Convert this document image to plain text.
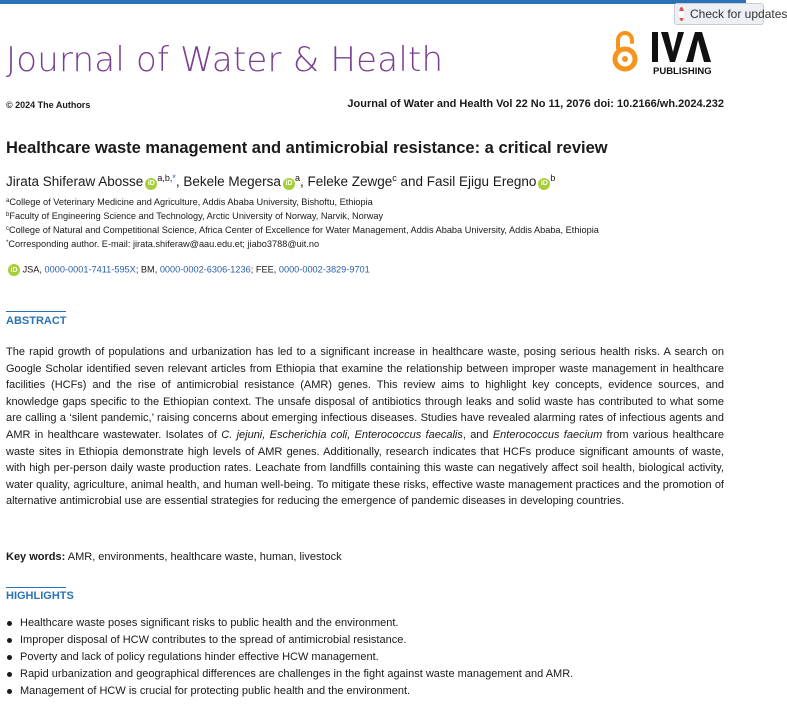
Check for updates
Journal of Water & Health	PUBLISHING
© 2024 The Authors	Journal of Water and Health Vol 22 No 11, 2076 doi: 10.2166/wh.2024.232
Healthcare waste management and antimicrobial resistance: a critical review
Jirata Shiferaw Abosse $iD^{a,b,*}$, Bekele Megersa $iD^a$, Feleke Zewge$^c$ and Fasil Ejigu Eregno $iD^b$
$^a$College of Veterinary Medicine and Agriculture, Addis Ababa University, Bishoftu, Ethiopia
$^b$Faculty of Engineering Science and Technology, Arctic University of Norway, Narvik, Norway
$^c$College of Natural and Competitional Science, Africa Center of Excellence for Water Management, Addis Ababa University, Addis Ababa, Ethiopia
*Corresponding author. E-mail: jirata.shiferaw@aau.edu.et; jiabo3788@uit.no
iD JSA, 0000-0001-7411-595X; BM, 0000-0002-6306-1236; FEE, 0000-0002-3829-9701
ABSTRACT

The rapid growth of populations and urbanization has led to a significant increase in healthcare waste, posing serious health risks. A search on Google Scholar identified seven relevant articles from Ethiopia that examine the relationship between improper waste management in healthcare facilities (HCFs) and the rise of antimicrobial resistance (AMR) genes. This review aims to highlight key concepts, evidence sources, and knowledge gaps specific to the Ethiopian context. The unsafe disposal of antibiotics through leaks and solid waste has contributed to what some are calling a ‘silent pandemic,’ raising concerns about emerging infectious diseases. Studies have revealed alarming rates of infectious agents and AMR in healthcare wastewater. Isolates of C. jejuni, Escherichia coli, Enterococcus faecalis, and Enterococcus faecium from various healthcare waste sites in Ethiopia demonstrate high levels of AMR genes. Additionally, research indicates that HCFs produce significant amounts of waste, with high per-person daily waste production rates. Leachate from landfills containing this waste can negatively affect soil health, biological activity, water quality, agriculture, animal health, and human well-being. To mitigate these risks, effective waste management practices and the promotion of alternative antimicrobial use are essential strategies for reducing the emergence of pandemic diseases in developing countries.

Key words: AMR, environments, healthcare waste, human, livestock
HIGHLIGHTS
Healthcare waste poses significant risks to public health and the environment.
Improper disposal of HCW contributes to the spread of antimicrobial resistance.
Poverty and lack of policy regulations hinder effective HCW management.
Rapid urbanization and geographical differences are challenges in the fight against waste management and AMR.
Management of HCW is crucial for protecting public health and the environment.
